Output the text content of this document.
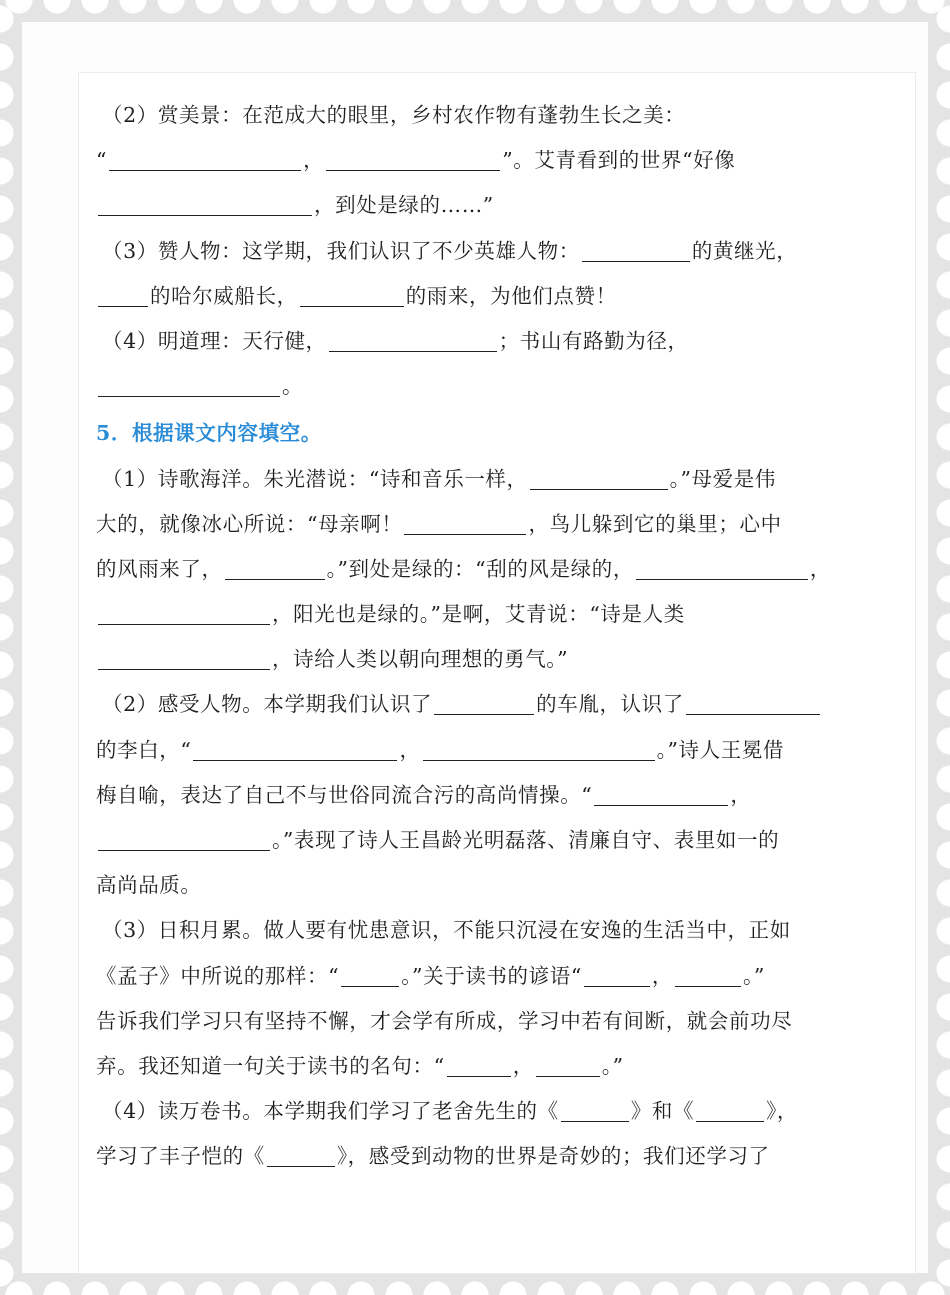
（2）赏美景：在范成大的眼里，乡村农作物有蓬勃生长之美：
“	，	”。艾青看到的世界“好像
，到处是绿的……”
（3）赞人物：这学期，我们认识了不少英雄人物：	的黄继光，
的哈尔威船长，	的雨来，为他们点赞！
（4）明道理：天行健，	；书山有路勤为径，
。
5．根据课文内容填空。
（1）诗歌海洋。朱光潜说：“诗和音乐一样，	。”母爱是伟
大的，就像冰心所说：“母亲啊！	，鸟儿躲到它的巢里；心中
的风雨来了，	。”到处是绿的：“刮的风是绿的，	，
，阳光也是绿的。”是啊，艾青说：“诗是人类
，诗给人类以朝向理想的勇气。”
（2）感受人物。本学期我们认识了	的车胤，认识了
的李白，“	，	。”诗人王冕借
梅自喻，表达了自己不与世俗同流合污的高尚情操。“	，
。”表现了诗人王昌龄光明磊落、清廉自守、表里如一的
高尚品质。
（3）日积月累。做人要有忧患意识，不能只沉浸在安逸的生活当中，正如
《孟子》中所说的那样：“	。”关于读书的谚语“	，	。”
告诉我们学习只有坚持不懈，才会学有所成，学习中若有间断，就会前功尽
弃。我还知道一句关于读书的名句：“	，	。”
（4）读万卷书。本学期我们学习了老舍先生的《	》和《	》，
学习了丰子恺的《	》，感受到动物的世界是奇妙的；我们还学习了
